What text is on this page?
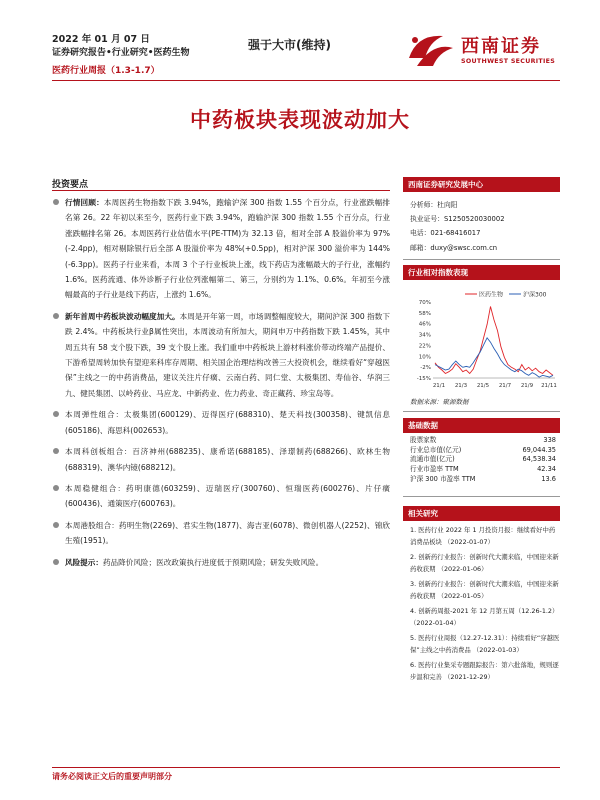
2022 年 01 月 07 日
证券研究报告•行业研究•医药生物
医药行业周报（1.3-1.7）
强于大市(维持)	西南证券
SOUTHWEST SECURITIES
中药板块表现波动加大
投资要点
行情回顾：本周医药生物指数下跌 3.94%，跑输沪深 300 指数 1.55 个百分点，行业涨跌幅排名第 26。22 年初以来至今，医药行业下跌 3.94%，跑输沪深 300 指数 1.55 个百分点，行业涨跌幅排名第 26。本周医药行业估值水平(PE-TTM)为 32.13 倍，相对全部 A 股溢价率为 97%(-2.4pp)，相对剔除银行后全部 A 股溢价率为 48%(+0.5pp)，相对沪深 300 溢价率为 144%(-6.3pp)。医药子行业来看，本周 3 个子行业板块上涨，线下药店为涨幅最大的子行业，涨幅约 1.6%。医药流通、体外诊断子行业位列涨幅第二、第三，分别约为 1.1%、0.6%。年初至今涨幅最高的子行业是线下药店，上涨约 1.6%。
新年首周中药板块波动幅度加大。本周是开年第一周，市场调整幅度较大，期间沪深 300 指数下跌 2.4%。中药板块行业β属性突出，本周波动有所加大，期间申万中药指数下跌 1.45%，其中周五共有 58 支个股下跌，39 支个股上涨。我们重申中药板块上游材料涨价带动终端产品提价、下游希望周转加快有望迎来科库存周期、相关国企治理结构改善三大投资机会，继续看好“穿越医保”主线之一的中药消费品，建议关注片仔癀、云南白药、同仁堂、太极集团、寿仙谷、华润三九、健民集团、以岭药业、马应龙、中新药业、佐力药业、奇正藏药、珍宝岛等。
本周弹性组合：太极集团(600129)、迈得医疗(688310)、楚天科技(300358)、键凯信息(605186)、海思科(002653)。
本周科创板组合：百济神州(688235)、康希诺(688185)、泽璟制药(688266)、欧林生物(688319)、澳华内镜(688212)。
本周稳健组合：药明康德(603259)、迈瑞医疗(300760)、恒瑞医药(600276)、片仔癀(600436)、通策医疗(600763)。
本周港股组合：药明生物(2269)、君实生物(1877)、海吉亚(6078)、微创机器人(2252)、锦欣生殖(1951)。
风险提示：药品降价风险；医改政策执行进度低于预期风险；研发失败风险。
西南证券研究发展中心
分析师：杜向阳
执业证号：S1250520030002
电话：021-68416017
邮箱：duxy@swsc.com.cn
行业相对指数表现
70%
58%
46%
34%
22%
10%
-2%
-15%
21/1 21/3 21/5 21/7 21/9 21/11
医药生物	沪深300
数据来源：聚源数据
基础数据
股票家数	338
行业总市值(亿元)	69,044.35
流通市值(亿元)	64,538.34
行业市盈率 TTM	42.34
沪深 300 市盈率 TTM	13.6
相关研究
1. 医药行业 2022 年 1 月投资月报：继续看好中药消费品板块 （2022-01-07）
2. 创新药行业报告：创新时代大潮来临，中国迎来新药收获期 （2022-01-06）
3. 创新药行业报告：创新时代大潮来临，中国迎来新药收获期 （2022-01-05）
4. 创新药周报-2021 年 12 月第五周（12.26-1.2） （2022-01-04）
5. 医药行业周报（12.27-12.31）：持续看好“穿越医保”主线之中药消费品 （2022-01-03）
6. 医药行业集采专题跟踪报告：第六批落地，规则逐步温和完善 （2021-12-29）
请务必阅读正文后的重要声明部分
